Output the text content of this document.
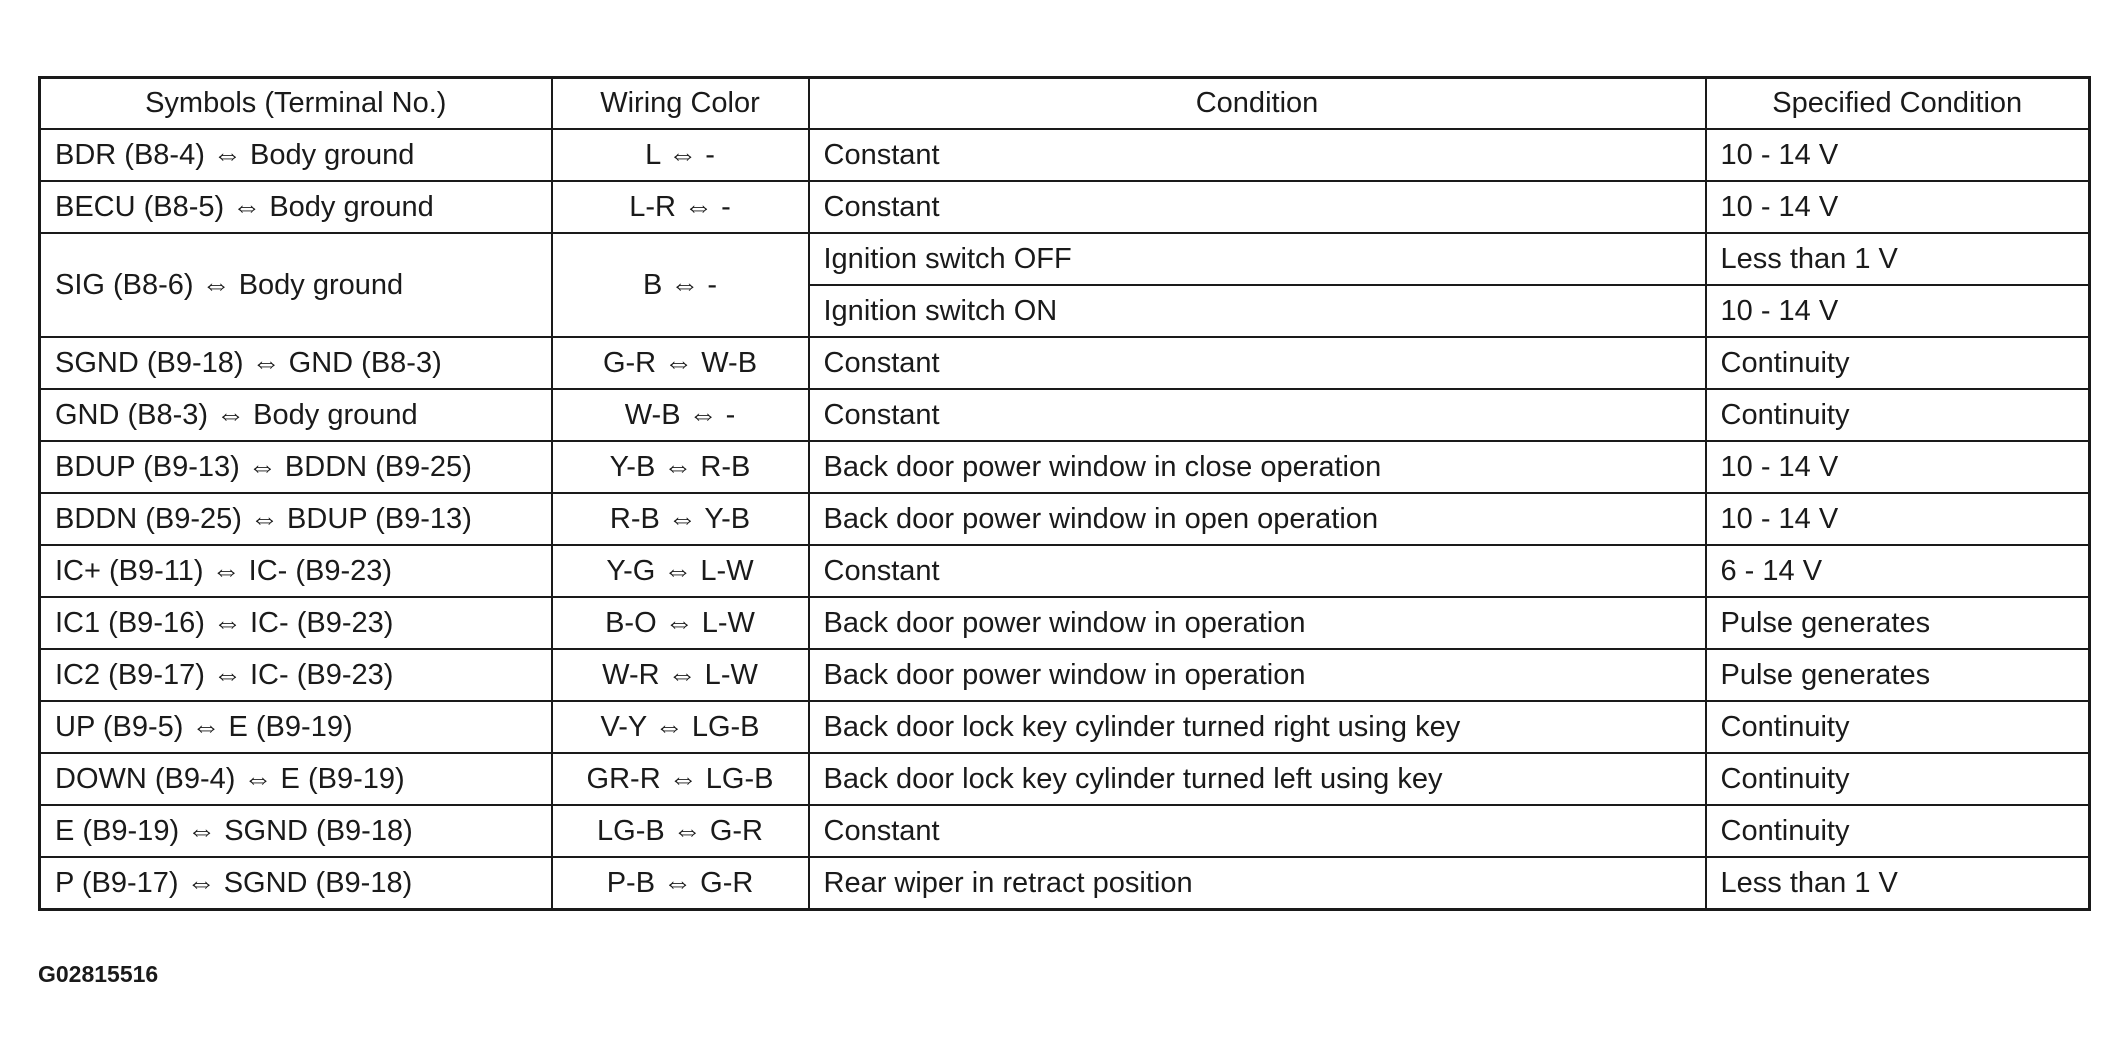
Symbols (Terminal No.)	Wiring Color	Condition	Specified Condition
BDR (B8-4) ⇔ Body ground	L ⇔ -	Constant	10 - 14 V
BECU (B8-5) ⇔ Body ground	L-R ⇔ -	Constant	10 - 14 V
SIG (B8-6) ⇔ Body ground	B ⇔ -	Ignition switch OFF	Less than 1 V
		Ignition switch ON	10 - 14 V
SGND (B9-18) ⇔ GND (B8-3)	G-R ⇔ W-B	Constant	Continuity
GND (B8-3) ⇔ Body ground	W-B ⇔ -	Constant	Continuity
BDUP (B9-13) ⇔ BDDN (B9-25)	Y-B ⇔ R-B	Back door power window in close operation	10 - 14 V
BDDN (B9-25) ⇔ BDUP (B9-13)	R-B ⇔ Y-B	Back door power window in open operation	10 - 14 V
IC+ (B9-11) ⇔ IC- (B9-23)	Y-G ⇔ L-W	Constant	6 - 14 V
IC1 (B9-16) ⇔ IC- (B9-23)	B-O ⇔ L-W	Back door power window in operation	Pulse generates
IC2 (B9-17) ⇔ IC- (B9-23)	W-R ⇔ L-W	Back door power window in operation	Pulse generates
UP (B9-5) ⇔ E (B9-19)	V-Y ⇔ LG-B	Back door lock key cylinder turned right using key	Continuity
DOWN (B9-4) ⇔ E (B9-19)	GR-R ⇔ LG-B	Back door lock key cylinder turned left using key	Continuity
E (B9-19) ⇔ SGND (B9-18)	LG-B ⇔ G-R	Constant	Continuity
P (B9-17) ⇔ SGND (B9-18)	P-B ⇔ G-R	Rear wiper in retract position	Less than 1 V
G02815516
